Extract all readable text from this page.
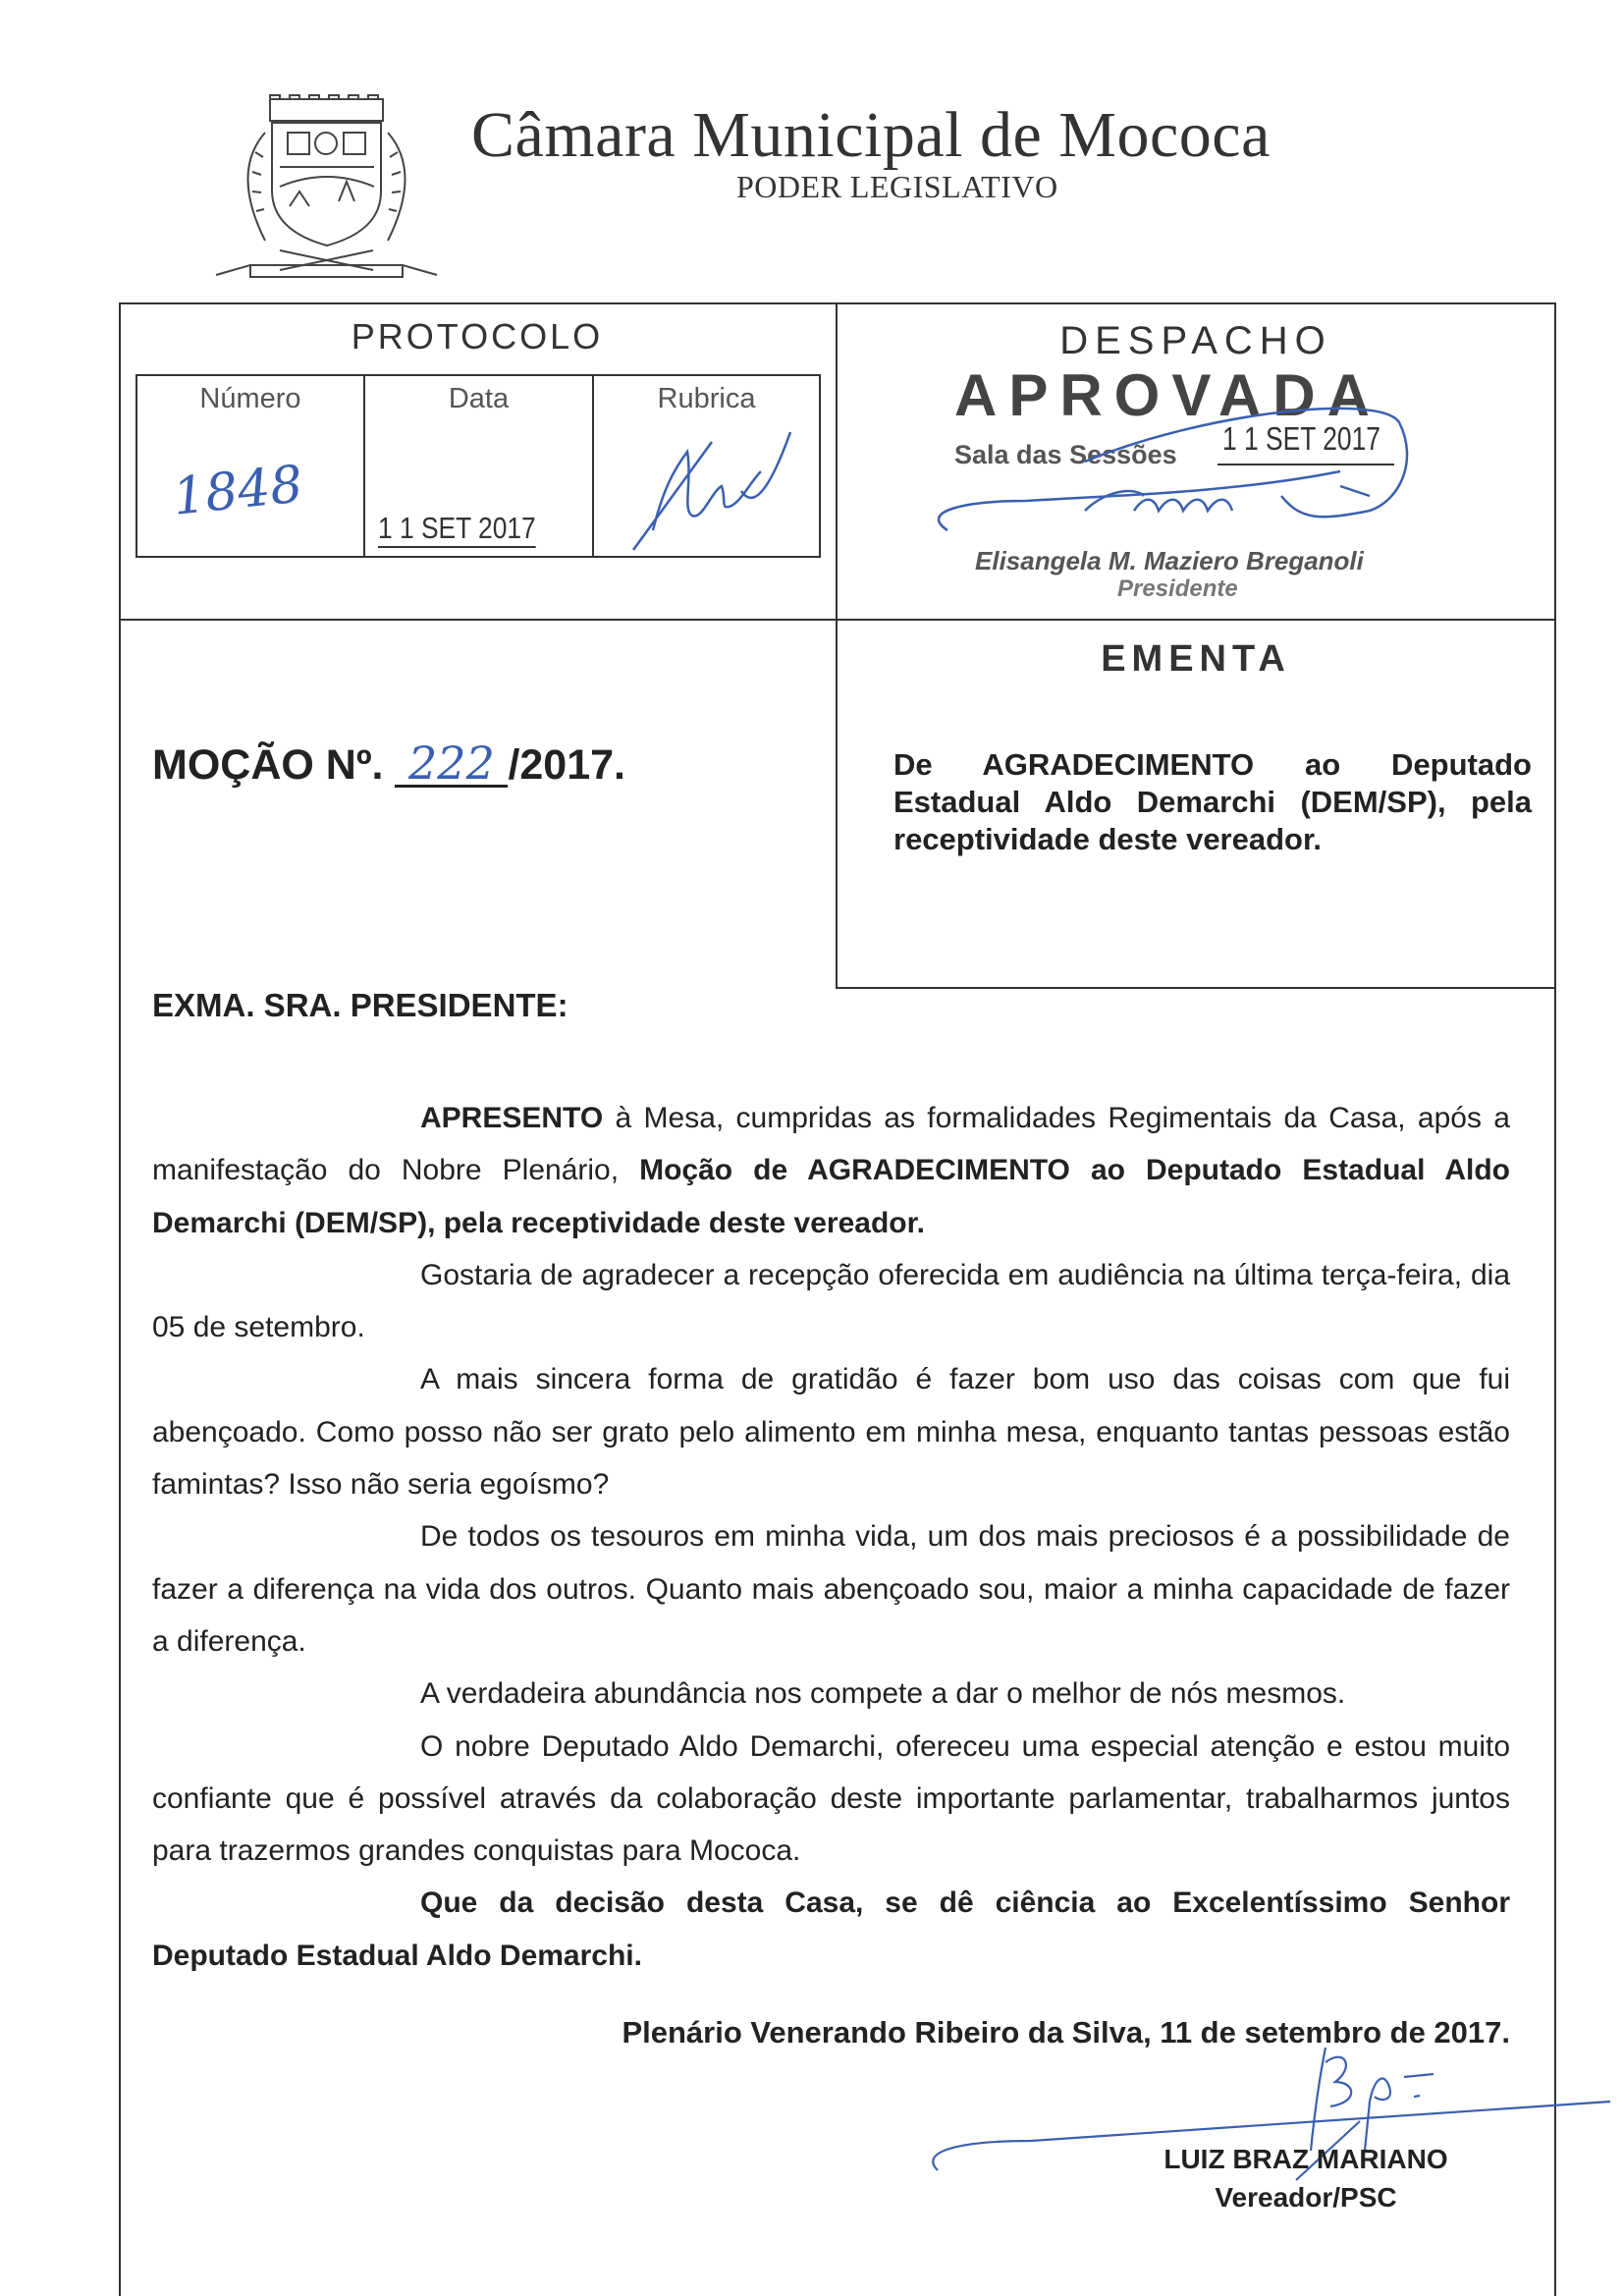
Câmara Municipal de Mococa
PODER LEGISLATIVO
PROTOCOLO
Número	Data	Rubrica
1848
1 1 SET 2017
DESPACHO
APROVADA
Sala das Sessões 1 1 SET 2017
Elisangela M. Maziero Breganoli
Presidente
EMENTA
De AGRADECIMENTO ao Deputado Estadual Aldo Demarchi (DEM/SP), pela receptividade deste vereador.
MOÇÃO Nº. 222 /2017.
EXMA. SRA. PRESIDENTE:

APRESENTO à Mesa, cumpridas as formalidades Regimentais da Casa, após a manifestação do Nobre Plenário, Moção de AGRADECIMENTO ao Deputado Estadual Aldo Demarchi (DEM/SP), pela receptividade deste vereador.

Gostaria de agradecer a recepção oferecida em audiência na última terça-feira, dia 05 de setembro.

A mais sincera forma de gratidão é fazer bom uso das coisas com que fui abençoado. Como posso não ser grato pelo alimento em minha mesa, enquanto tantas pessoas estão famintas? Isso não seria egoísmo?

De todos os tesouros em minha vida, um dos mais preciosos é a possibilidade de fazer a diferença na vida dos outros. Quanto mais abençoado sou, maior a minha capacidade de fazer a diferença.

A verdadeira abundância nos compete a dar o melhor de nós mesmos.

O nobre Deputado Aldo Demarchi, ofereceu uma especial atenção e estou muito confiante que é possível através da colaboração deste importante parlamentar, trabalharmos juntos para trazermos grandes conquistas para Mococa.

Que da decisão desta Casa, se dê ciência ao Excelentíssimo Senhor Deputado Estadual Aldo Demarchi.

Plenário Venerando Ribeiro da Silva, 11 de setembro de 2017.
LUIZ BRAZ MARIANO
Vereador/PSC
